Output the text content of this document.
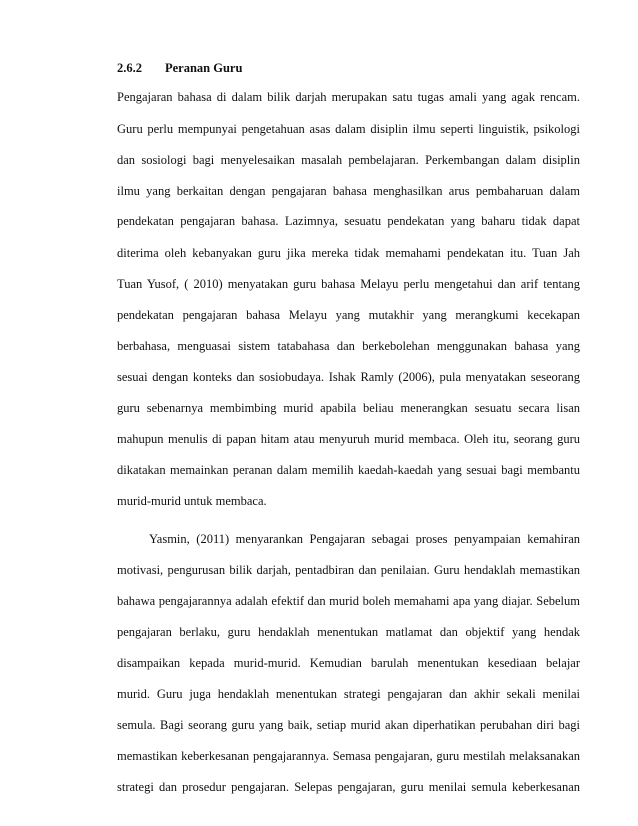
2.6.2 Peranan Guru
Pengajaran bahasa di dalam bilik darjah merupakan satu tugas amali yang agak rencam.
Guru perlu mempunyai pengetahuan asas dalam disiplin ilmu seperti linguistik, psikologi
dan sosiologi bagi menyelesaikan masalah pembelajaran. Perkembangan dalam disiplin
ilmu yang berkaitan dengan pengajaran bahasa menghasilkan arus pembaharuan dalam
pendekatan pengajaran bahasa. Lazimnya, sesuatu pendekatan yang baharu tidak dapat
diterima oleh kebanyakan guru jika mereka tidak memahami pendekatan itu. Tuan Jah
Tuan Yusof, ( 2010) menyatakan guru bahasa Melayu perlu mengetahui dan arif tentang
pendekatan pengajaran bahasa Melayu yang mutakhir yang merangkumi kecekapan
berbahasa, menguasai sistem tatabahasa dan berkebolehan menggunakan bahasa yang
sesuai dengan konteks dan sosiobudaya. Ishak Ramly (2006), pula menyatakan seseorang
guru sebenarnya membimbing murid apabila beliau menerangkan sesuatu secara lisan
mahupun menulis di papan hitam atau menyuruh murid membaca. Oleh itu, seorang guru
dikatakan memainkan peranan dalam memilih kaedah-kaedah yang sesuai bagi membantu
murid-murid untuk membaca.
Yasmin, (2011) menyarankan Pengajaran sebagai proses penyampaian kemahiran
motivasi, pengurusan bilik darjah, pentadbiran dan penilaian. Guru hendaklah memastikan
bahawa pengajarannya adalah efektif dan murid boleh memahami apa yang diajar. Sebelum
pengajaran berlaku, guru hendaklah menentukan matlamat dan objektif yang hendak
disampaikan kepada murid-murid. Kemudian barulah menentukan kesediaan belajar
murid. Guru juga hendaklah menentukan strategi pengajaran dan akhir sekali menilai
semula. Bagi seorang guru yang baik, setiap murid akan diperhatikan perubahan diri bagi
memastikan keberkesanan pengajarannya. Semasa pengajaran, guru mestilah melaksanakan
strategi dan prosedur pengajaran. Selepas pengajaran, guru menilai semula keberkesanan
